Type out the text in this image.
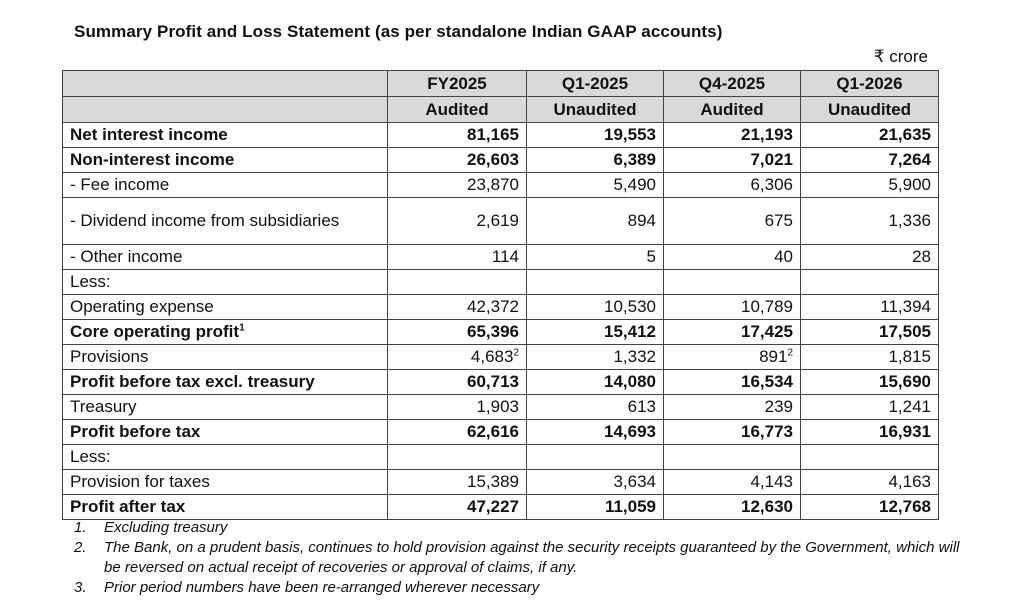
Summary Profit and Loss Statement (as per standalone Indian GAAP accounts)
₹ crore
	FY2025	Q1-2025	Q4-2025	Q1-2026
	Audited	Unaudited	Audited	Unaudited
Net interest income	81,165	19,553	21,193	21,635
Non-interest income	26,603	6,389	7,021	7,264
- Fee income	23,870	5,490	6,306	5,900
- Dividend income from subsidiaries	2,619	894	675	1,336
- Other income	114	5	40	28
Less:				
Operating expense	42,372	10,530	10,789	11,394
Core operating profit$^1$	65,396	15,412	17,425	17,505
Provisions	4,683$^2$	1,332	$891^2$	1,815
Profit before tax excl. treasury	60,713	14,080	16,534	15,690
Treasury	1,903	613	239	1,241
Profit before tax	62,616	14,693	16,773	16,931
Less:				
Provision for taxes	15,389	3,634	4,143	4,163
Profit after tax	47,227	11,059	12,630	12,768
1.	Excluding treasury
2.	The Bank, on a prudent basis, continues to hold provision against the security receipts guaranteed by the Government, which will be reversed on actual receipt of recoveries or approval of claims, if any.
3.	Prior period numbers have been re-arranged wherever necessary
